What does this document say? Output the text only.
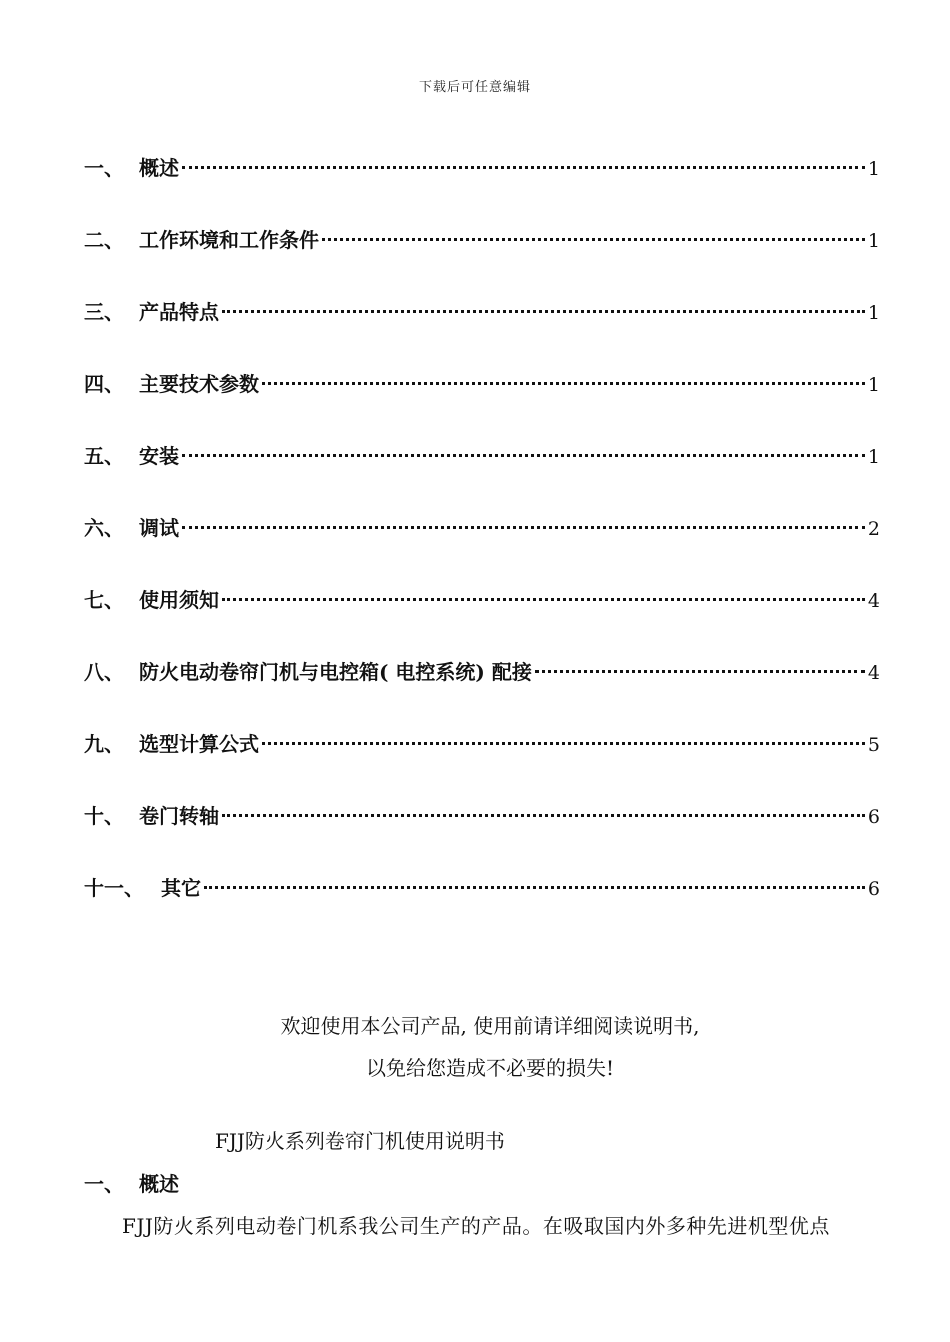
下载后可任意编辑
一、 概述	1
二、 工作环境和工作条件	1
三、 产品特点	1
四、 主要技术参数	1
五、 安装	1
六、 调试	2
七、 使用须知	4
八、 防火电动卷帘门机与电控箱( 电控系统) 配接	4
九、 选型计算公式	5
十、 卷门转轴	6
十一、 其它	6
欢迎使用本公司产品, 使用前请详细阅读说明书,
以免给您造成不必要的损失!
FJJ防火系列卷帘门机使用说明书
一、 概述
FJJ防火系列电动卷门机系我公司生产的产品。在吸取国内外多种先进机型优点
